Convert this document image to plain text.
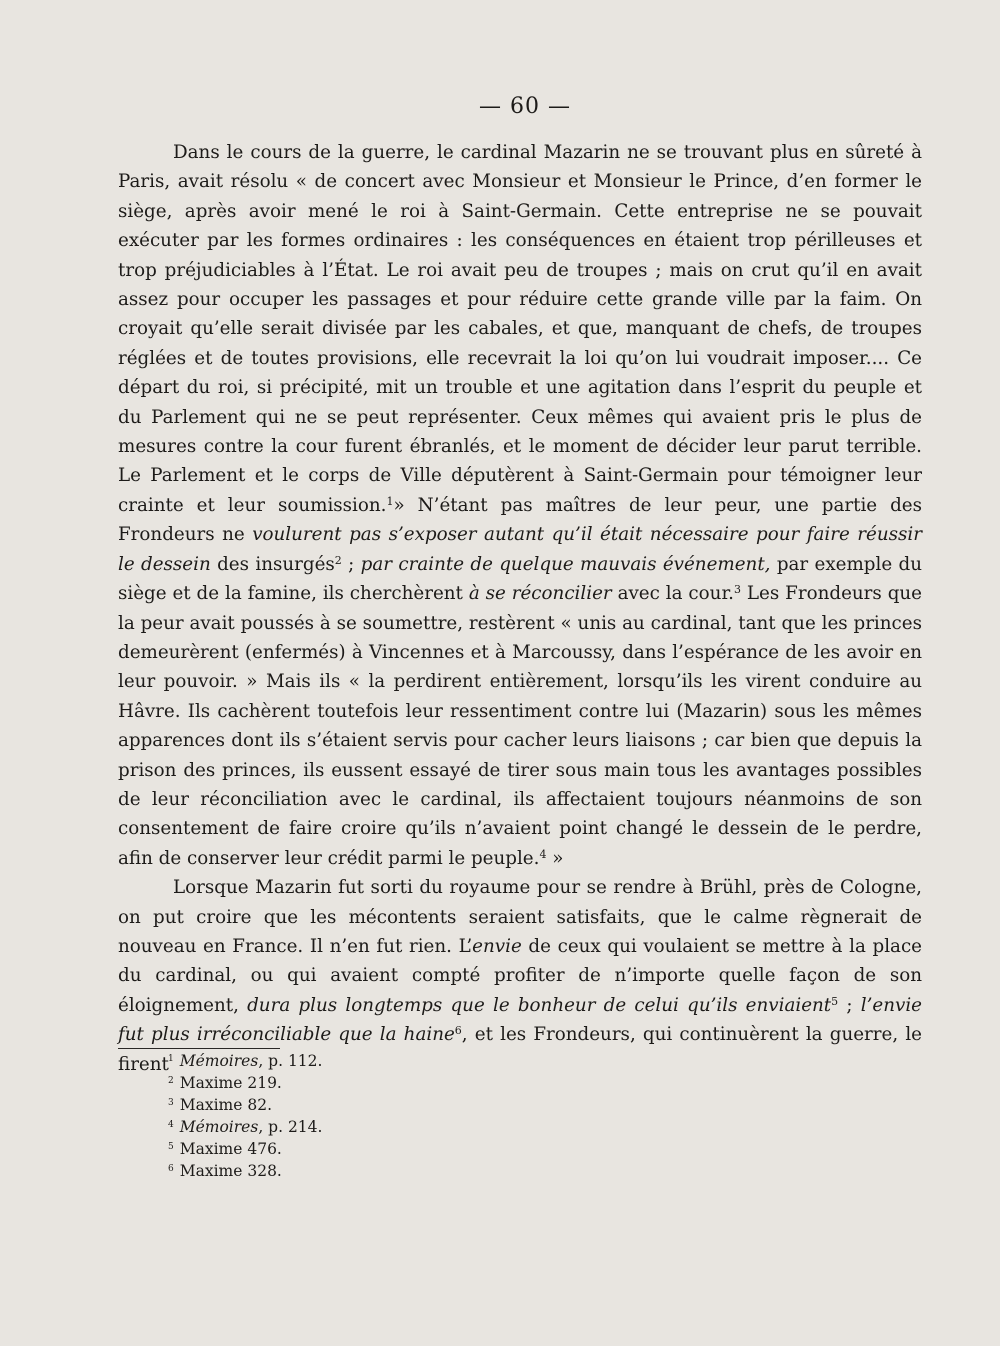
— 60 —

Dans le cours de la guerre, le cardinal Mazarin ne se trouvant plus en sûreté à Paris, avait résolu « de concert avec Monsieur et Monsieur le Prince, d’en former le siège, après avoir mené le roi à Saint-Germain. Cette entreprise ne se pouvait exécuter par les formes ordinaires : les conséquences en étaient trop périlleuses et trop préjudiciables à l’État. Le roi avait peu de troupes ; mais on crut qu’il en avait assez pour occuper les passages et pour réduire cette grande ville par la faim. On croyait qu’elle serait divisée par les cabales, et que, manquant de chefs, de troupes réglées et de toutes provisions, elle recevrait la loi qu’on lui voudrait imposer.... Ce départ du roi, si précipité, mit un trouble et une agitation dans l’esprit du peuple et du Parlement qui ne se peut représenter. Ceux mêmes qui avaient pris le plus de mesures contre la cour furent ébranlés, et le moment de décider leur parut terrible. Le Parlement et le corps de Ville députèrent à Saint-Germain pour témoigner leur crainte et leur soumission.$^1$» N’étant pas maîtres de leur peur, une partie des Frondeurs ne voulurent pas s’exposer autant qu’il était nécessaire pour faire réussir le dessein des insurgés$^2$ ; par crainte de quelque mauvais événement, par exemple du siège et de la famine, ils cherchèrent à se réconcilier avec la cour.$^3$ Les Frondeurs que la peur avait poussés à se soumettre, restèrent « unis au cardinal, tant que les princes demeurèrent (enfermés) à Vincennes et à Marcoussy, dans l’espérance de les avoir en leur pouvoir. » Mais ils « la perdirent entièrement, lorsqu’ils les virent conduire au Hâvre. Ils cachèrent toutefois leur ressentiment contre lui (Mazarin) sous les mêmes apparences dont ils s’étaient servis pour cacher leurs liaisons ; car bien que depuis la prison des princes, ils eussent essayé de tirer sous main tous les avantages possibles de leur réconciliation avec le cardinal, ils affectaient toujours néanmoins de son consentement de faire croire qu’ils n’avaient point changé le dessein de le perdre, afin de conserver leur crédit parmi le peuple.$^4$ »

Lorsque Mazarin fut sorti du royaume pour se rendre à Brühl, près de Cologne, on put croire que les mécontents seraient satisfaits, que le calme règnerait de nouveau en France. Il n’en fut rien. L’envie de ceux qui voulaient se mettre à la place du cardinal, ou qui avaient compté profiter de n’importe quelle façon de son éloignement, dura plus longtemps que le bonheur de celui qu’ils enviaient$^5$ ; l’envie fut plus irréconciliable que la haine$^6$, et les Frondeurs, qui continuèrent la guerre, le firent $^1$ Mémoires, p. 112.
$^2$ Maxime 219.
$^3$ Maxime 82.
$^4$ Mémoires, p. 214.
$^5$ Maxime 476.
$^6$ Maxime 328.
